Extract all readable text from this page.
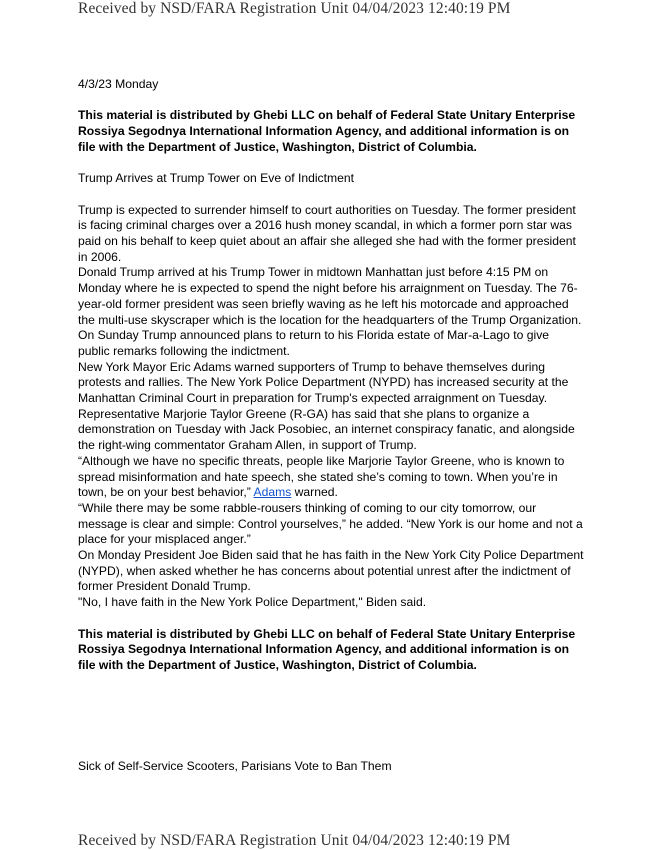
Received by NSD/FARA Registration Unit 04/04/2023 12:40:19 PM

4/3/23 Monday

This material is distributed by Ghebi LLC on behalf of Federal State Unitary Enterprise Rossiya Segodnya International Information Agency, and additional information is on file with the Department of Justice, Washington, District of Columbia.

Trump Arrives at Trump Tower on Eve of Indictment

Trump is expected to surrender himself to court authorities on Tuesday. The former president is facing criminal charges over a 2016 hush money scandal, in which a former porn star was paid on his behalf to keep quiet about an affair she alleged she had with the former president in 2006.

Donald Trump arrived at his Trump Tower in midtown Manhattan just before 4:15 PM on Monday where he is expected to spend the night before his arraignment on Tuesday. The 76-year-old former president was seen briefly waving as he left his motorcade and approached the multi-use skyscraper which is the location for the headquarters of the Trump Organization.

On Sunday Trump announced plans to return to his Florida estate of Mar-a-Lago to give public remarks following the indictment.

New York Mayor Eric Adams warned supporters of Trump to behave themselves during protests and rallies. The New York Police Department (NYPD) has increased security at the Manhattan Criminal Court in preparation for Trump's expected arraignment on Tuesday.

Representative Marjorie Taylor Greene (R-GA) has said that she plans to organize a demonstration on Tuesday with Jack Posobiec, an internet conspiracy fanatic, and alongside the right-wing commentator Graham Allen, in support of Trump.

“Although we have no specific threats, people like Marjorie Taylor Greene, who is known to spread misinformation and hate speech, she stated she’s coming to town. When you’re in town, be on your best behavior,” Adams warned.

“While there may be some rabble-rousers thinking of coming to our city tomorrow, our message is clear and simple: Control yourselves,” he added. “New York is our home and not a place for your misplaced anger.”

On Monday President Joe Biden said that he has faith in the New York City Police Department (NYPD), when asked whether he has concerns about potential unrest after the indictment of former President Donald Trump.

"No, I have faith in the New York Police Department," Biden said.

This material is distributed by Ghebi LLC on behalf of Federal State Unitary Enterprise Rossiya Segodnya International Information Agency, and additional information is on file with the Department of Justice, Washington, District of Columbia.

Sick of Self-Service Scooters, Parisians Vote to Ban Them

Received by NSD/FARA Registration Unit 04/04/2023 12:40:19 PM
